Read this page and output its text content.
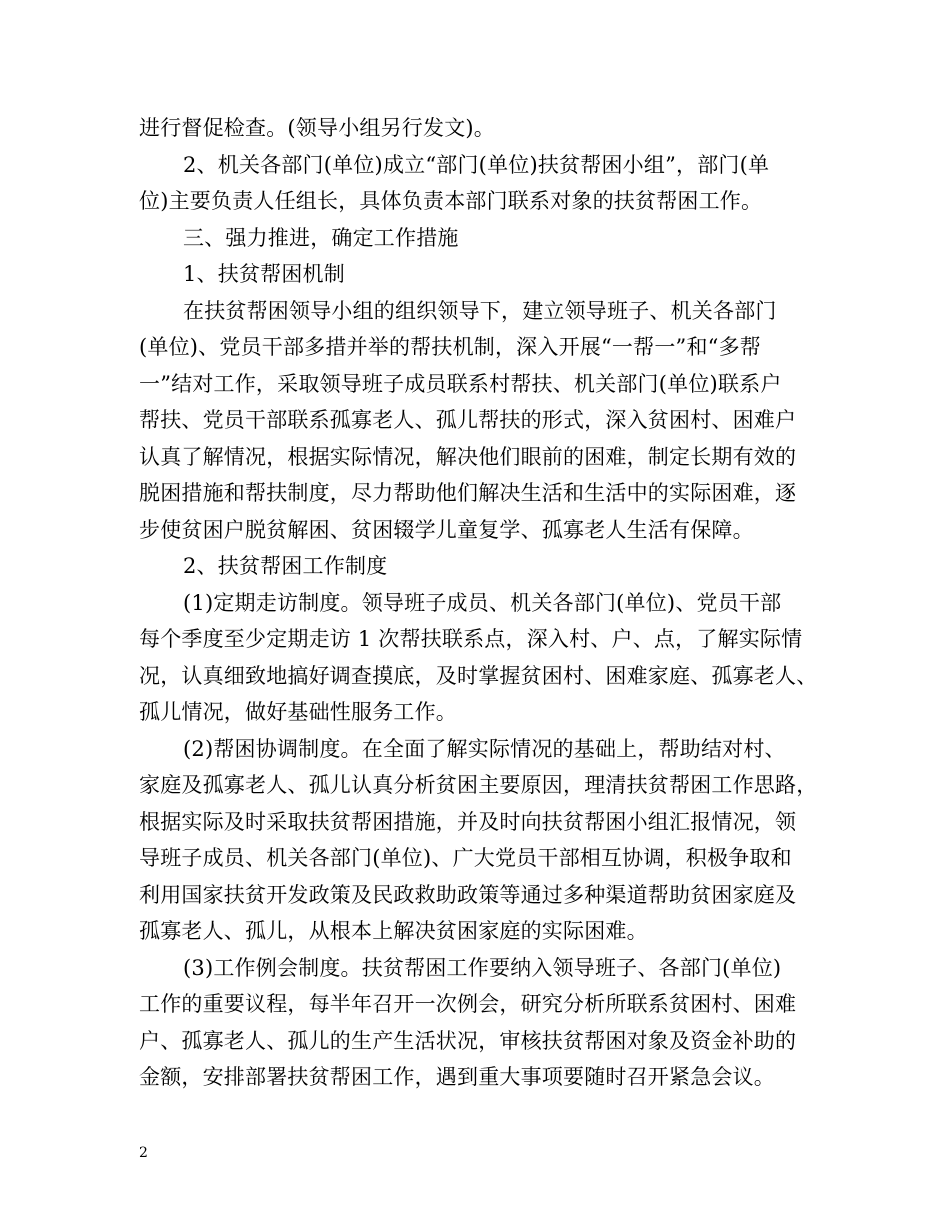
进行督促检查。(领导小组另行发文)。
2、机关各部门(单位)成立“部门(单位)扶贫帮困小组”，部门(单
位)主要负责人任组长，具体负责本部门联系对象的扶贫帮困工作。
三、强力推进，确定工作措施
1、扶贫帮困机制
在扶贫帮困领导小组的组织领导下，建立领导班子、机关各部门
(单位)、党员干部多措并举的帮扶机制，深入开展“一帮一”和“多帮
一”结对工作，采取领导班子成员联系村帮扶、机关部门(单位)联系户
帮扶、党员干部联系孤寡老人、孤儿帮扶的形式，深入贫困村、困难户
认真了解情况，根据实际情况，解决他们眼前的困难，制定长期有效的
脱困措施和帮扶制度，尽力帮助他们解决生活和生活中的实际困难，逐
步使贫困户脱贫解困、贫困辍学儿童复学、孤寡老人生活有保障。
2、扶贫帮困工作制度
(1)定期走访制度。领导班子成员、机关各部门(单位)、党员干部
每个季度至少定期走访 1 次帮扶联系点，深入村、户、点，了解实际情
况，认真细致地搞好调查摸底，及时掌握贫困村、困难家庭、孤寡老人、
孤儿情况，做好基础性服务工作。
(2)帮困协调制度。在全面了解实际情况的基础上，帮助结对村、
家庭及孤寡老人、孤儿认真分析贫困主要原因，理清扶贫帮困工作思路，
根据实际及时采取扶贫帮困措施，并及时向扶贫帮困小组汇报情况，领
导班子成员、机关各部门(单位)、广大党员干部相互协调，积极争取和
利用国家扶贫开发政策及民政救助政策等通过多种渠道帮助贫困家庭及
孤寡老人、孤儿，从根本上解决贫困家庭的实际困难。
(3)工作例会制度。扶贫帮困工作要纳入领导班子、各部门(单位)
工作的重要议程，每半年召开一次例会，研究分析所联系贫困村、困难
户、孤寡老人、孤儿的生产生活状况，审核扶贫帮困对象及资金补助的
金额，安排部署扶贫帮困工作，遇到重大事项要随时召开紧急会议。
2
